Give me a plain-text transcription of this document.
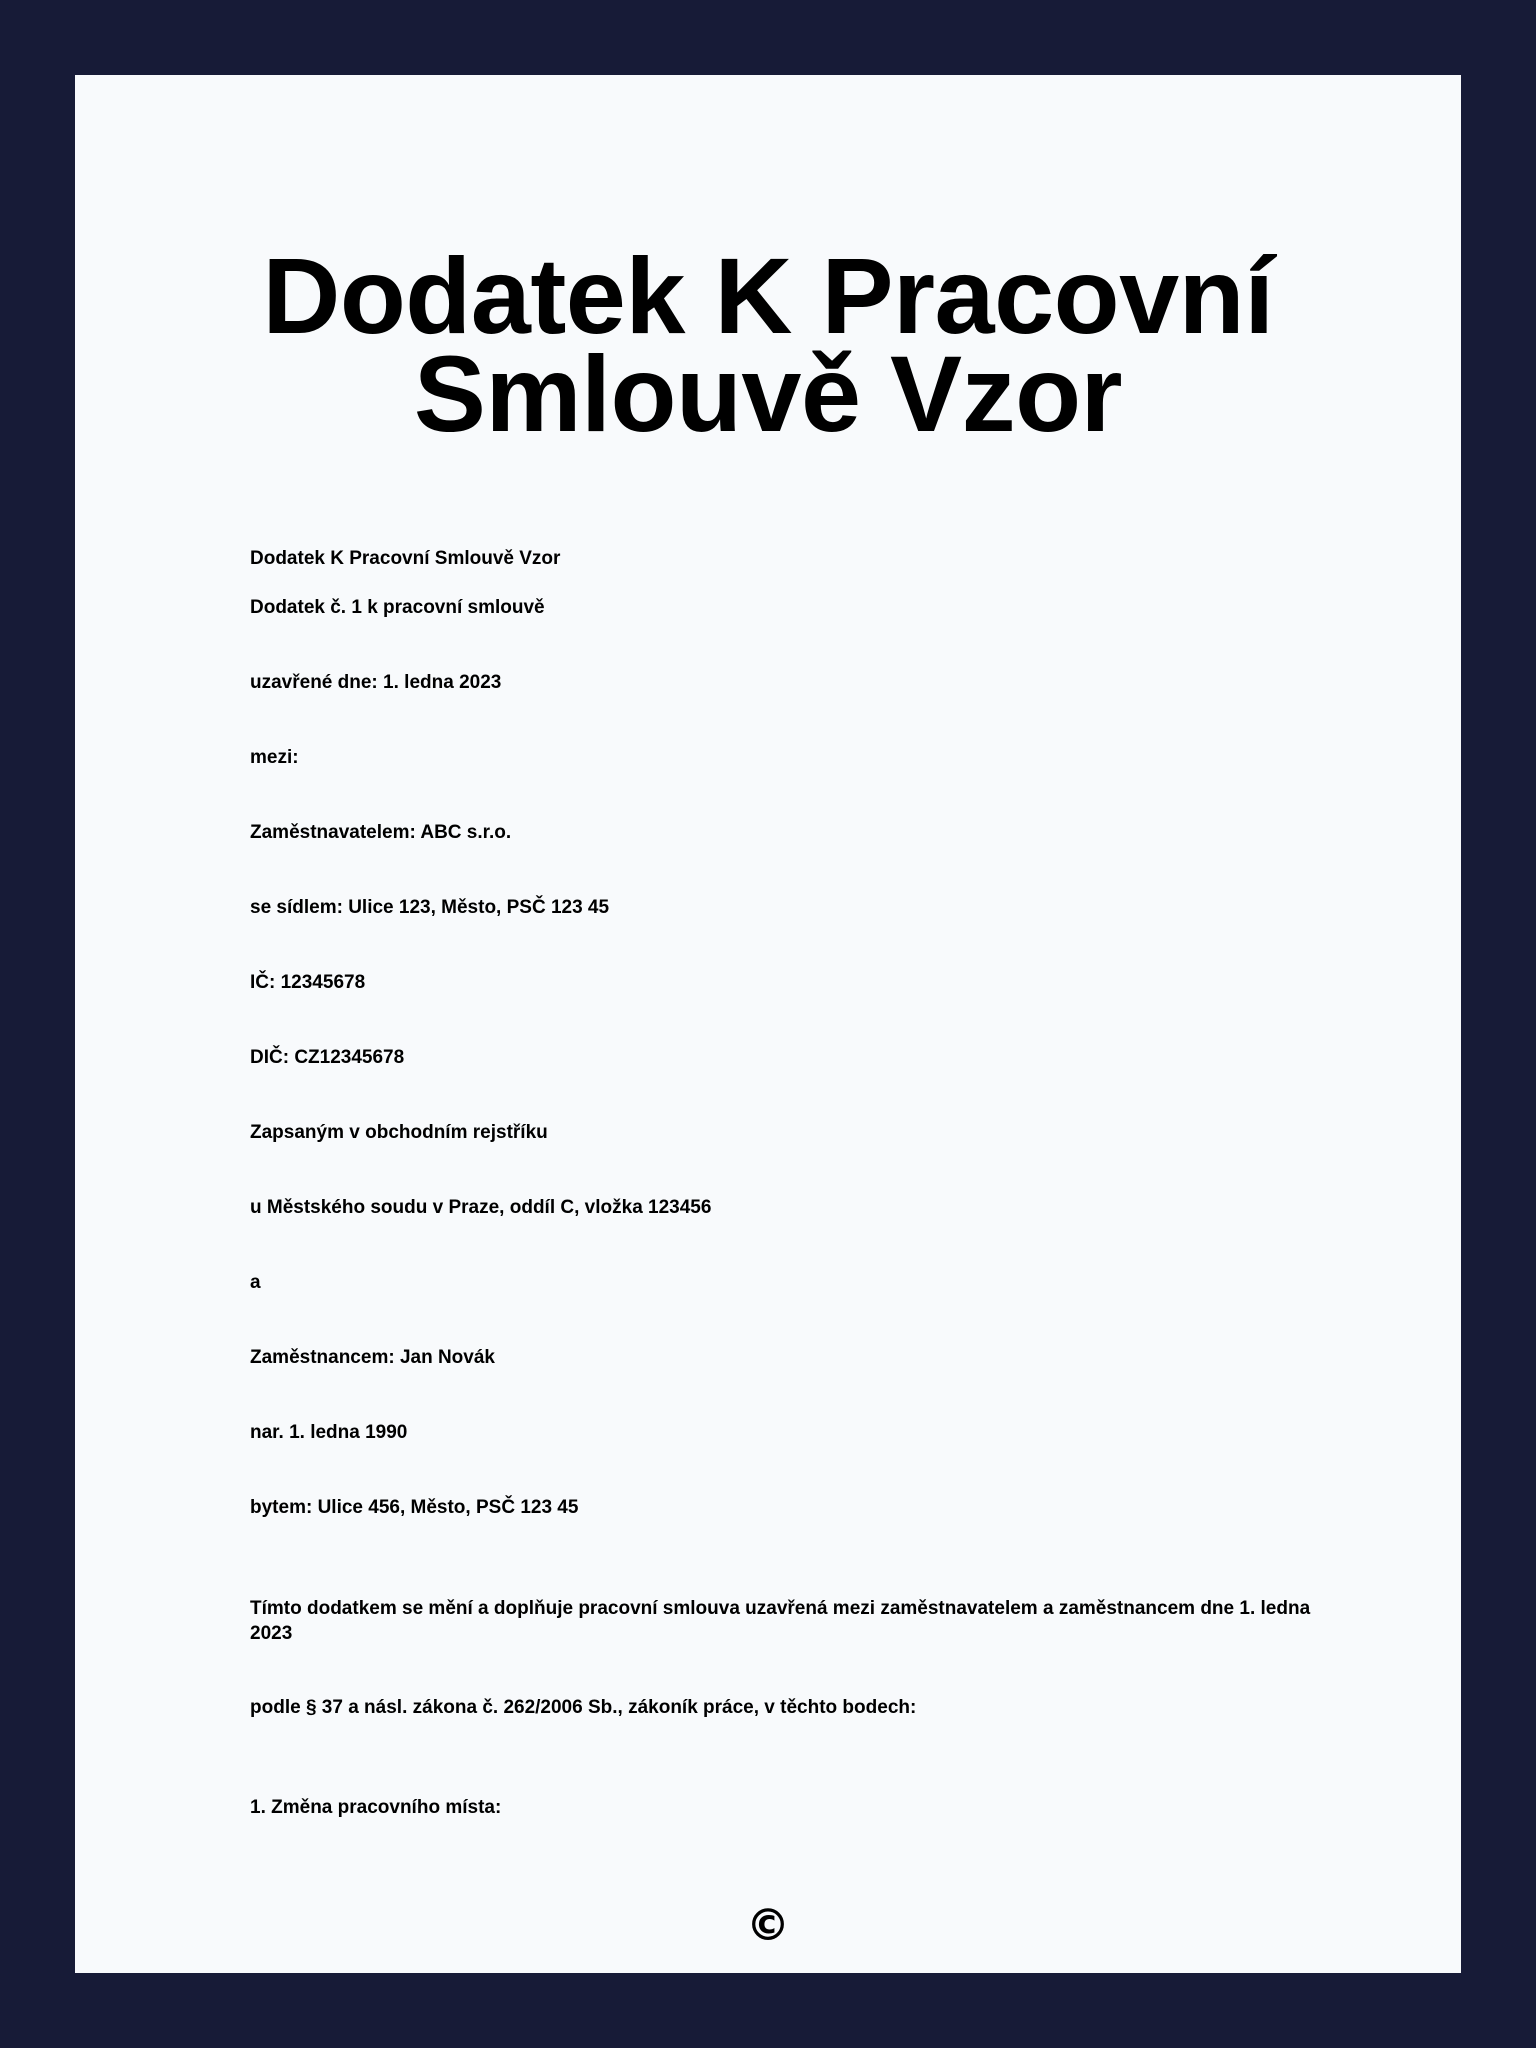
Dodatek K Pracovní Smlouvě Vzor

Dodatek K Pracovní Smlouvě Vzor

Dodatek č. 1 k pracovní smlouvě

uzavřené dne: 1. ledna 2023

mezi:

Zaměstnavatelem: ABC s.r.o.

se sídlem: Ulice 123, Město, PSČ 123 45

IČ: 12345678

DIČ: CZ12345678

Zapsaným v obchodním rejstříku

u Městského soudu v Praze, oddíl C, vložka 123456

a

Zaměstnancem: Jan Novák

nar. 1. ledna 1990

bytem: Ulice 456, Město, PSČ 123 45

Tímto dodatkem se mění a doplňuje pracovní smlouva uzavřená mezi zaměstnavatelem a zaměstnancem dne 1. ledna 2023

podle § 37 a násl. zákona č. 262/2006 Sb., zákoník práce, v těchto bodech:

1. Změna pracovního místa:

©
